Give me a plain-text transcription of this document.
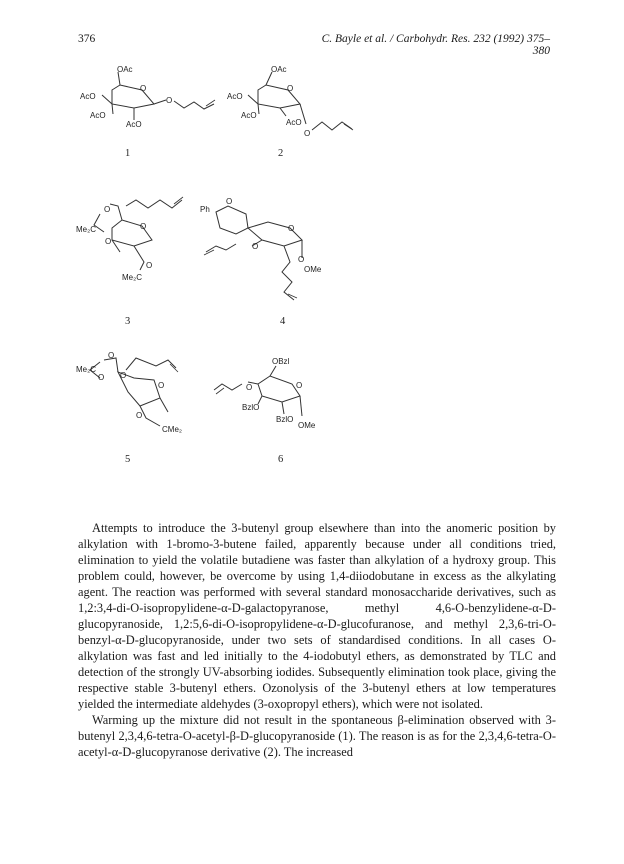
376	C. Bayle et al. / Carbohydr. Res. 232 (1992) 375–380
OAc
AcO
O
AcO
AcO
O
1
OAc
AcO
O
AcO
AcO
O
2
O
Me₂C	O
O
O
Me₂C
3
Ph
O
O
O
O
OMe
4
O
Me₂C
O O
O
O
CMe₂
5
OBzl
O
O
BzlO
BzlO
OMe
6

Attempts to introduce the 3-butenyl group elsewhere than into the anomeric position by alkylation with 1-bromo-3-butene failed, apparently because under all conditions tried, elimination to yield the volatile butadiene was faster than alkylation of a hydroxy group. This problem could, however, be overcome by using 1,4-diiodobutane in excess as the alkylating agent. The reaction was performed with several standard monosaccharide derivatives, such as 1,2:3,4-di-O-isopropylidene-α-D-galactopyranose, methyl 4,6-O-benzylidene-α-D-glucopyranoside, 1,2:5,6-di-O-isopropylidene-α-D-glucofuranose, and methyl 2,3,6-tri-O-benzyl-α-D-glucopyranoside, under two sets of standardised conditions. In all cases O-alkylation was fast and led initially to the 4-iodobutyl ethers, as demonstrated by TLC and detection of the strongly UV-absorbing iodides. Subsequently elimination took place, giving the respective stable 3-butenyl ethers. Ozonolysis of the 3-butenyl ethers at low temperatures yielded the intermediate aldehydes (3-oxopropyl ethers), which were not isolated.

Warming up the mixture did not result in the spontaneous β-elimination observed with 3-butenyl 2,3,4,6-tetra-O-acetyl-β-D-glucopyranoside (1). The reason is as for the 2,3,4,6-tetra-O-acetyl-α-D-glucopyranose derivative (2). The increased
